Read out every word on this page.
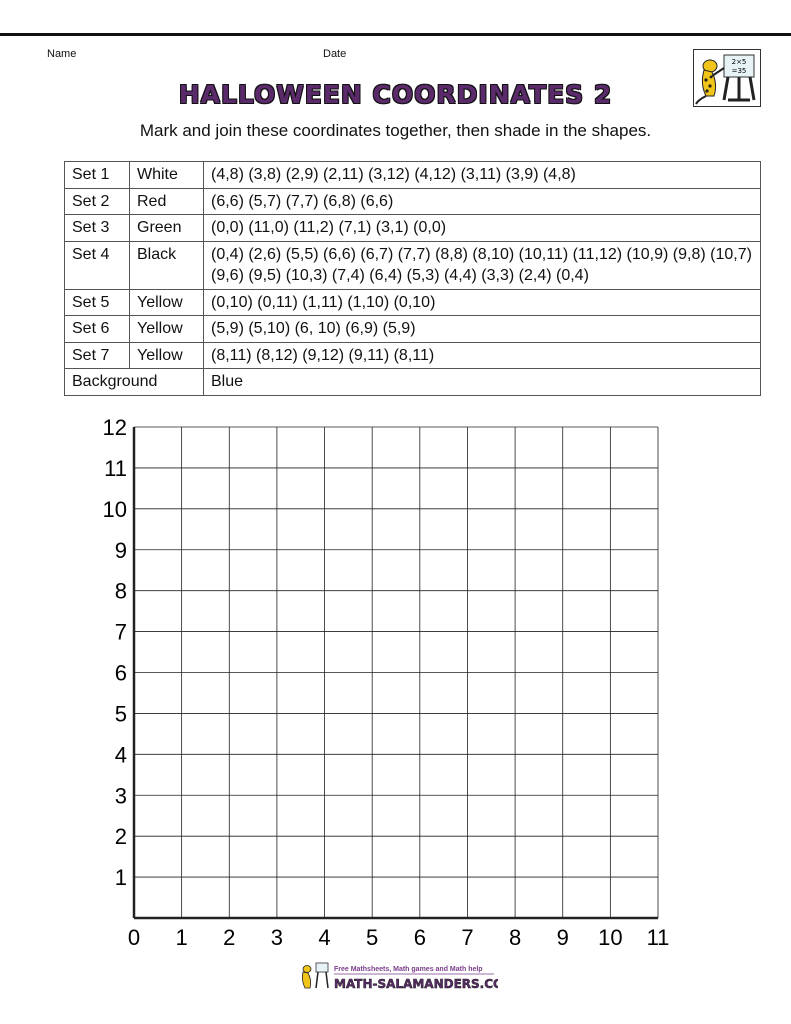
Name	Date
2×5
=35
HALLOWEEN COORDINATES 2
Mark and join these coordinates together, then shade in the shapes.
Set 1	White	(4,8) (3,8) (2,9) (2,11) (3,12) (4,12) (3,11) (3,9) (4,8)
Set 2	Red	(6,6) (5,7) (7,7) (6,8) (6,6)
Set 3	Green	(0,0) (11,0) (11,2) (7,1) (3,1) (0,0)
Set 4	Black	(0,4) (2,6) (5,5) (6,6) (6,7) (7,7) (8,8) (8,10) (10,11) (11,12) (10,9) (9,8) (10,7) (9,6) (9,5) (10,3) (7,4) (6,4) (5,3) (4,4) (3,3) (2,4) (0,4)
Set 5	Yellow	(0,10) (0,11) (1,11) (1,10) (0,10)
Set 6	Yellow	(5,9) (5,10) (6, 10) (6,9) (5,9)
Set 7	Yellow	(8,11) (8,12) (9,12) (9,11) (8,11)
Background		Blue
0 1 2 3 4 5 6 7 8 9 10 11
1
2
3
4
5
6
7
8
9
10
11
12
Free Mathsheets, Math games and Math help
MATH-SALAMANDERS.COM
